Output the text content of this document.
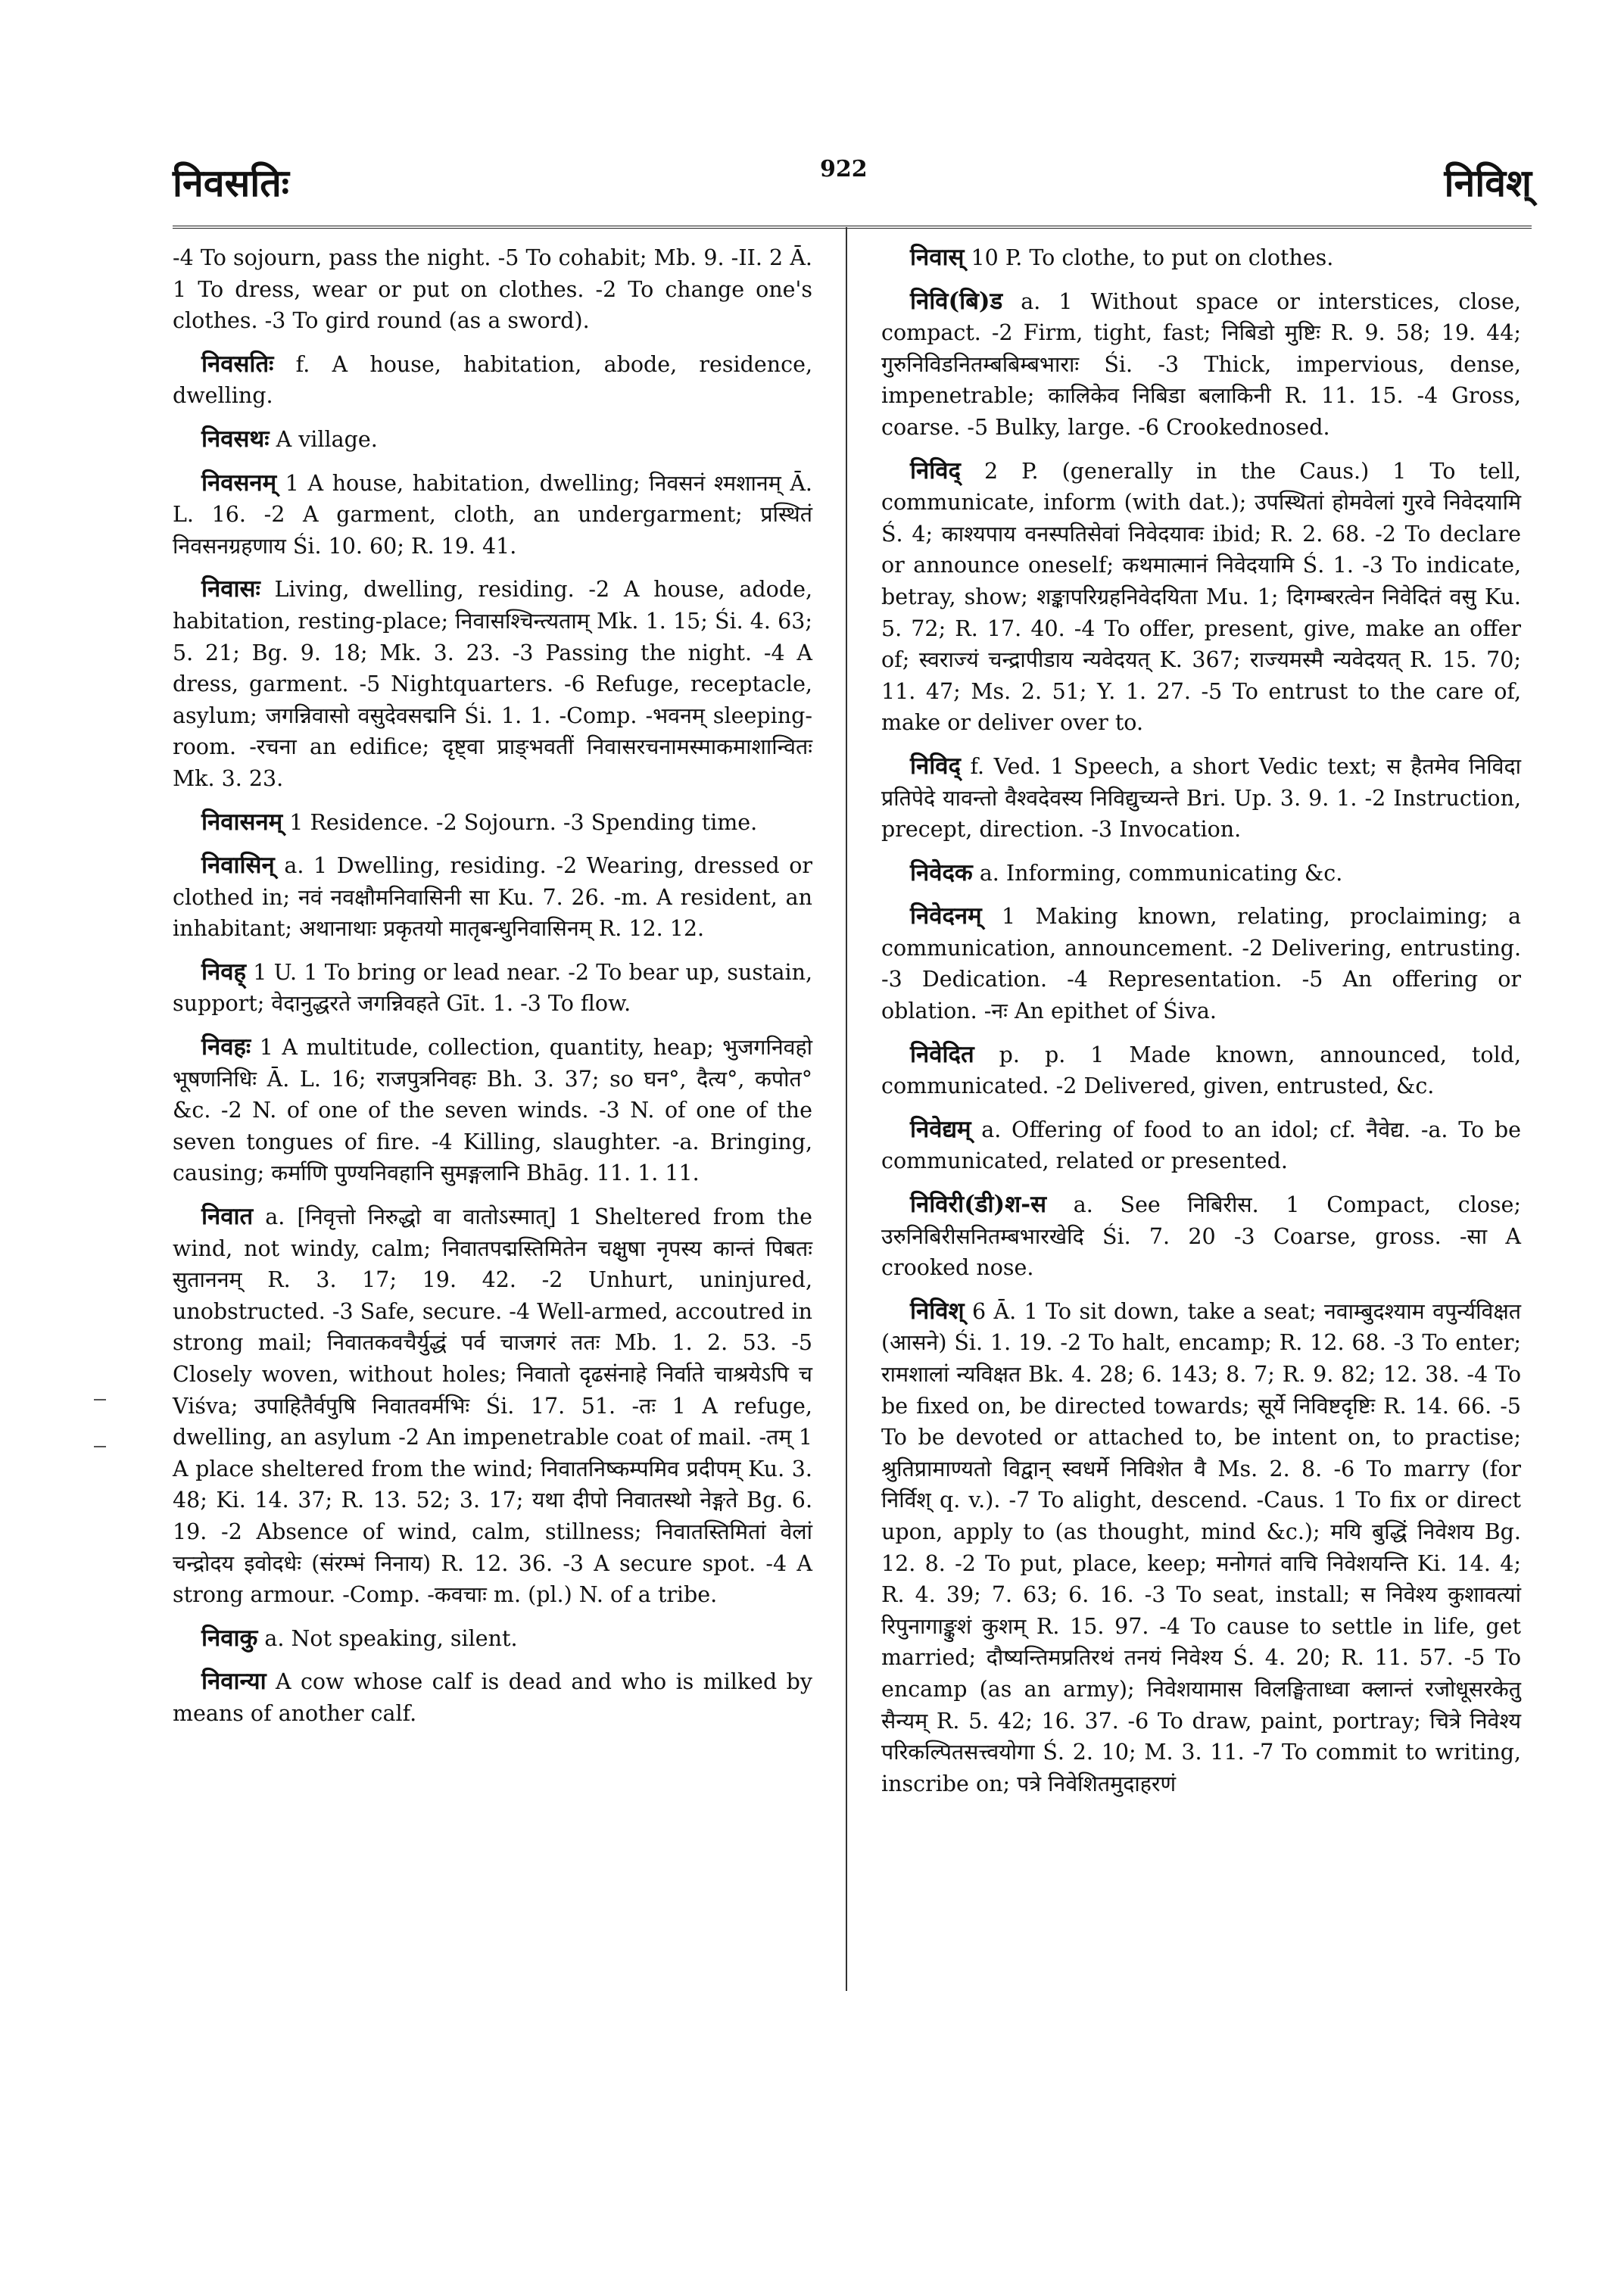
निवसतिः	922	निविश्

-4 To sojourn, pass the night. -5 To cohabit; Mb. 9. -II. 2 Ā. 1 To dress, wear or put on clothes. -2 To change one's clothes. -3 To gird round (as a sword).

निवसतिः f. A house, habitation, abode, residence, dwelling.

निवसथः A village.

निवसनम् 1 A house, habitation, dwelling; निवसनं श्मशानम् Ā. L. 16. -2 A garment, cloth, an undergarment; प्रस्थितं निवसनग्रहणाय Śi. 10. 60; R. 19. 41.

निवासः Living, dwelling, residing. -2 A house, adode, habitation, resting-place; निवासश्चिन्त्यताम् Mk. 1. 15; Śi. 4. 63; 5. 21; Bg. 9. 18; Mk. 3. 23. -3 Passing the night. -4 A dress, garment. -5 Nightquarters. -6 Refuge, receptacle, asylum; जगन्निवासो वसुदेवसद्मनि Śi. 1. 1. -Comp. -भवनम् sleeping-room. -रचना an edifice; दृष्ट्वा प्राङ्भवतीं निवासरचनामस्माकमाशान्वितः Mk. 3. 23.

निवासनम् 1 Residence. -2 Sojourn. -3 Spending time.

निवासिन् a. 1 Dwelling, residing. -2 Wearing, dressed or clothed in; नवं नवक्षौमनिवासिनी सा Ku. 7. 26. -m. A resident, an inhabitant; अथानाथाः प्रकृतयो मातृबन्धुनिवासिनम् R. 12. 12.

निवह् 1 U. 1 To bring or lead near. -2 To bear up, sustain, support; वेदानुद्धरते जगन्निवहते Gīt. 1. -3 To flow.

निवहः 1 A multitude, collection, quantity, heap; भुजगनिवहो भूषणनिधिः Ā. L. 16; राजपुत्रनिवहः Bh. 3. 37; so घन°, दैत्य°, कपोत° &c. -2 N. of one of the seven winds. -3 N. of one of the seven tongues of fire. -4 Killing, slaughter. -a. Bringing, causing; कर्माणि पुण्यनिवहानि सुमङ्गलानि Bhāg. 11. 1. 11.

निवात a. [निवृत्तो निरुद्धो वा वातोऽस्मात्] 1 Sheltered from the wind, not windy, calm; निवातपद्मस्तिमितेन चक्षुषा नृपस्य कान्तं पिबतः सुताननम् R. 3. 17; 19. 42. -2 Unhurt, uninjured, unobstructed. -3 Safe, secure. -4 Well-armed, accoutred in strong mail; निवातकवचैर्युद्धं पर्व चाजगरं ततः Mb. 1. 2. 53. -5 Closely woven, without holes; निवातो दृढसंनाहे निर्वाते चाश्रयेऽपि च Viśva; उपाहितैर्वपुषि निवातवर्मभिः Śi. 17. 51. -तः 1 A refuge, dwelling, an asylum -2 An impenetrable coat of mail. -तम् 1 A place sheltered from the wind; निवातनिष्कम्पमिव प्रदीपम् Ku. 3. 48; Ki. 14. 37; R. 13. 52; 3. 17; यथा दीपो निवातस्थो नेङ्गते Bg. 6. 19. -2 Absence of wind, calm, stillness; निवातस्तिमितां वेलां चन्द्रोदय इवोदधेः (संरम्भं निनाय) R. 12. 36. -3 A secure spot. -4 A strong armour. -Comp. -कवचाः m. (pl.) N. of a tribe.

निवाकु a. Not speaking, silent.

निवान्या A cow whose calf is dead and who is milked by means of another calf.

निवास् 10 P. To clothe, to put on clothes.

निवि(बि)ड a. 1 Without space or interstices, close, compact. -2 Firm, tight, fast; निबिडो मुष्टिः R. 9. 58; 19. 44; गुरुनिविडनितम्बबिम्बभाराः Śi. -3 Thick, impervious, dense, impenetrable; कालिकेव निबिडा बलाकिनी R. 11. 15. -4 Gross, coarse. -5 Bulky, large. -6 Crookednosed.

निविद् 2 P. (generally in the Caus.) 1 To tell, communicate, inform (with dat.); उपस्थितां होमवेलां गुरवे निवेदयामि Ś. 4; काश्यपाय वनस्पतिसेवां निवेदयावः ibid; R. 2. 68. -2 To declare or announce oneself; कथमात्मानं निवेदयामि Ś. 1. -3 To indicate, betray, show; शङ्कापरिग्रहनिवेदयिता Mu. 1; दिगम्बरत्वेन निवेदितं वसु Ku. 5. 72; R. 17. 40. -4 To offer, present, give, make an offer of; स्वराज्यं चन्द्रापीडाय न्यवेदयत् K. 367; राज्यमस्मै न्यवेदयत् R. 15. 70; 11. 47; Ms. 2. 51; Y. 1. 27. -5 To entrust to the care of, make or deliver over to.

निविद् f. Ved. 1 Speech, a short Vedic text; स हैतमेव निविदा प्रतिपेदे यावन्तो वैश्वदेवस्य निविद्युच्यन्ते Bri. Up. 3. 9. 1. -2 Instruction, precept, direction. -3 Invocation.

निवेदक a. Informing, communicating &c.

निवेदनम् 1 Making known, relating, proclaiming; a communication, announcement. -2 Delivering, entrusting. -3 Dedication. -4 Representation. -5 An offering or oblation. -नः An epithet of Śiva.

निवेदित p. p. 1 Made known, announced, told, communicated. -2 Delivered, given, entrusted, &c.

निवेद्यम् a. Offering of food to an idol; cf. नैवेद्य. -a. To be communicated, related or presented.

निविरी(डी)श-स a. See निबिरीस. 1 Compact, close; उरुनिबिरीसनितम्बभारखेदि Śi. 7. 20 -3 Coarse, gross. -सा A crooked nose.

निविश् 6 Ā. 1 To sit down, take a seat; नवाम्बुदश्याम वपुर्न्यविक्षत (आसने) Śi. 1. 19. -2 To halt, encamp; R. 12. 68. -3 To enter; रामशालां न्यविक्षत Bk. 4. 28; 6. 143; 8. 7; R. 9. 82; 12. 38. -4 To be fixed on, be directed towards; सूर्ये निविष्टदृष्टिः R. 14. 66. -5 To be devoted or attached to, be intent on, to practise; श्रुतिप्रामाण्यतो विद्वान् स्वधर्मे निविशेत वै Ms. 2. 8. -6 To marry (for निर्विश् q. v.). -7 To alight, descend. -Caus. 1 To fix or direct upon, apply to (as thought, mind &c.); मयि बुद्धिं निवेशय Bg. 12. 8. -2 To put, place, keep; मनोगतं वाचि निवेशयन्ति Ki. 14. 4; R. 4. 39; 7. 63; 6. 16. -3 To seat, install; स निवेश्य कुशावत्यां रिपुनागाङ्कुशं कुशम् R. 15. 97. -4 To cause to settle in life, get married; दौष्यन्तिमप्रतिरथं तनयं निवेश्य Ś. 4. 20; R. 11. 57. -5 To encamp (as an army); निवेशयामास विलङ्घिताध्वा क्लान्तं रजोधूसरकेतु सैन्यम् R. 5. 42; 16. 37. -6 To draw, paint, portray; चित्रे निवेश्य परिकल्पितसत्त्वयोगा Ś. 2. 10; M. 3. 11. -7 To commit to writing, inscribe on; पत्रे निवेशितमुदाहरणं
